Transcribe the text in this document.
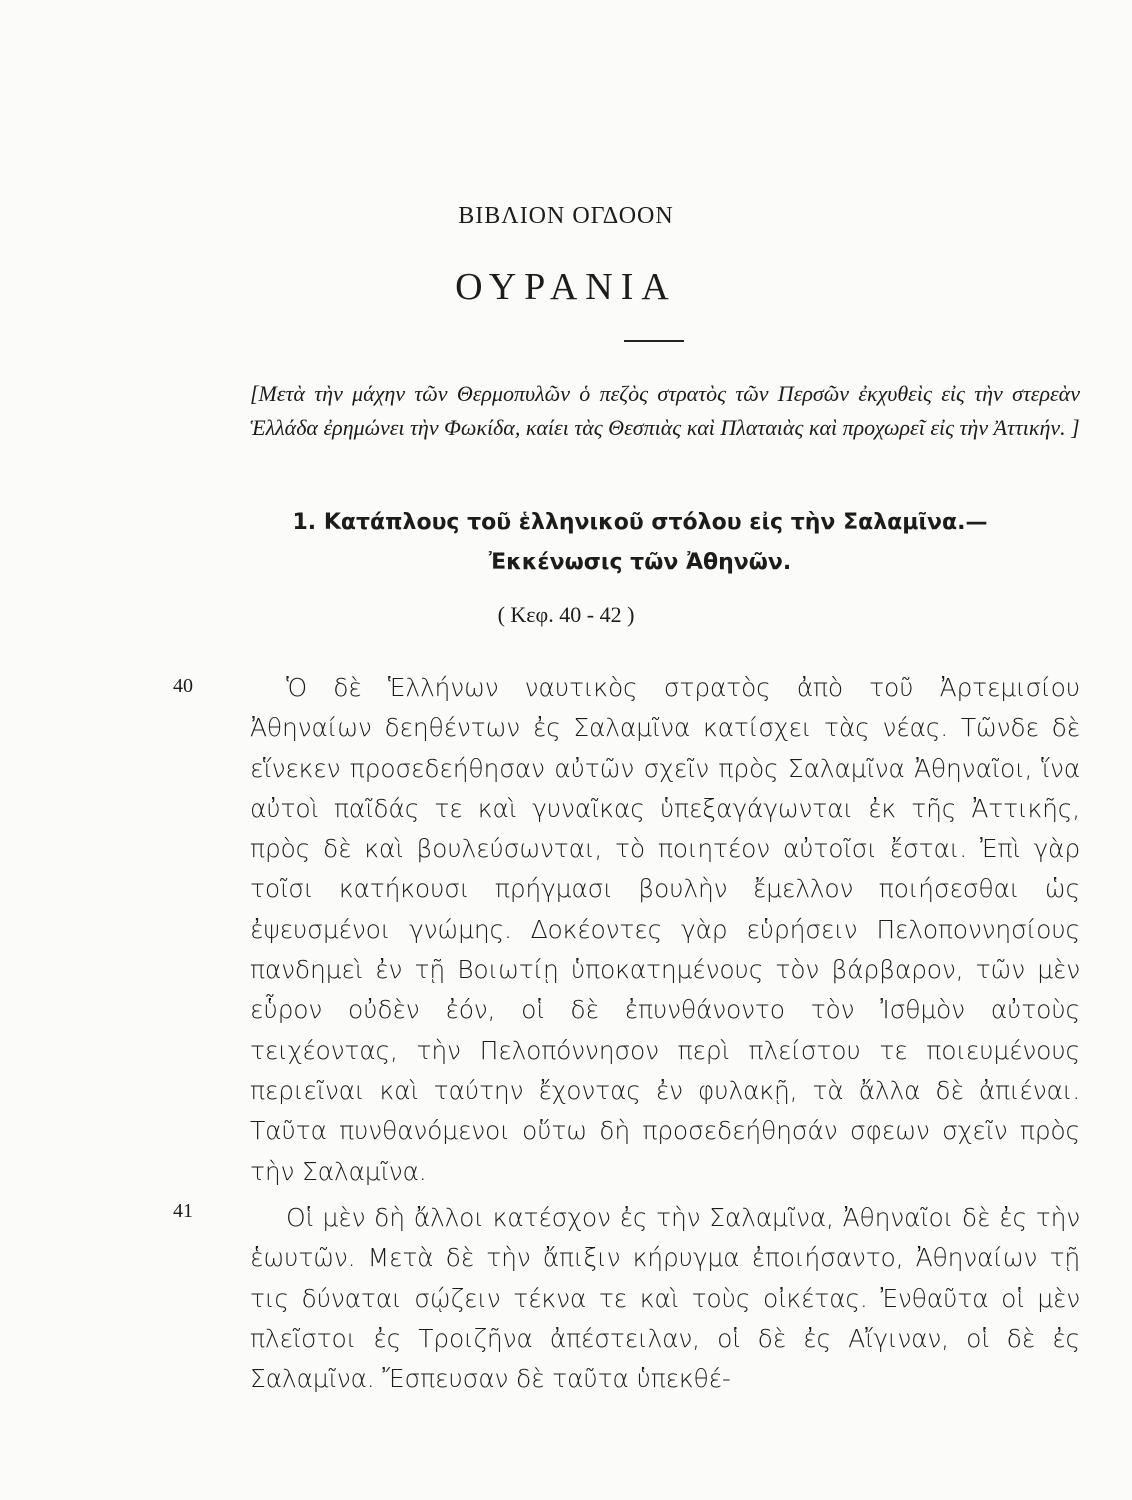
ΒΙΒΛΙΟΝ ΟΓΔΟΟΝ
ΟΥΡΑΝΙΑ
[Μετὰ τὴν μάχην τῶν Θερμοπυλῶν ὁ πεζὸς στρατὸς τῶν Περσῶν ἐκχυθεὶς εἰς τὴν στερεὰν Ἑλλάδα ἐρημώνει τὴν Φωκίδα, καίει τὰς Θεσπιὰς καὶ Πλαταιὰς καὶ προχωρεῖ εἰς τὴν Ἀττικήν. ]
1. Κατάπλους τοῦ ἑλληνικοῦ στόλου εἰς τὴν Σαλαμῖνα.—
Ἐκκένωσις τῶν Ἀθηνῶν.
( Κεφ. 40 - 42 )
40	Ὁ δὲ Ἑλλήνων ναυτικὸς στρατὸς ἀπὸ τοῦ Ἀρτεμισίου Ἀθηναίων δεηθέντων ἐς Σαλαμῖνα κατίσχει τὰς νέας. Τῶνδε δὲ εἵνεκεν προσεδεήθησαν αὐτῶν σχεῖν πρὸς Σαλαμῖνα Ἀθηναῖοι, ἵνα αὐτοὶ παῖδάς τε καὶ γυναῖκας ὑπεξαγάγωνται ἐκ τῆς Ἀττικῆς, πρὸς δὲ καὶ βουλεύσωνται, τὸ ποιητέον αὐτοῖσι ἔσται. Ἐπὶ γὰρ τοῖσι κατήκουσι πρήγμασι βουλὴν ἔμελλον ποιήσεσθαι ὡς ἐψευσμένοι γνώμης. Δοκέοντες γὰρ εὑρήσειν Πελοποννησίους πανδημεὶ ἐν τῇ Βοιωτίῃ ὑποκατημένους τὸν βάρβαρον, τῶν μὲν εὗρον οὐδὲν ἐόν, οἱ δὲ ἐπυνθάνοντο τὸν Ἰσθμὸν αὐτοὺς τειχέοντας, τὴν Πελοπόννησον περὶ πλείστου τε ποιευμένους περιεῖναι καὶ ταύτην ἔχοντας ἐν φυλακῇ, τὰ ἄλλα δὲ ἀπιέναι. Ταῦτα πυνθανόμενοι οὕτω δὴ προσεδεήθησάν σφεων σχεῖν πρὸς τὴν Σαλαμῖνα.
41	Οἱ μὲν δὴ ἄλλοι κατέσχον ἐς τὴν Σαλαμῖνα, Ἀθηναῖοι δὲ ἐς τὴν ἑωυτῶν. Μετὰ δὲ τὴν ἄπιξιν κήρυγμα ἐποιήσαντο, Ἀθηναίων τῇ τις δύναται σῴζειν τέκνα τε καὶ τοὺς οἰκέτας. Ἐνθαῦτα οἱ μὲν πλεῖστοι ἐς Τροιζῆνα ἀπέστειλαν, οἱ δὲ ἐς Αἴγιναν, οἱ δὲ ἐς Σαλαμῖνα. Ἔσπευσαν δὲ ταῦτα ὑπεκθέ-
